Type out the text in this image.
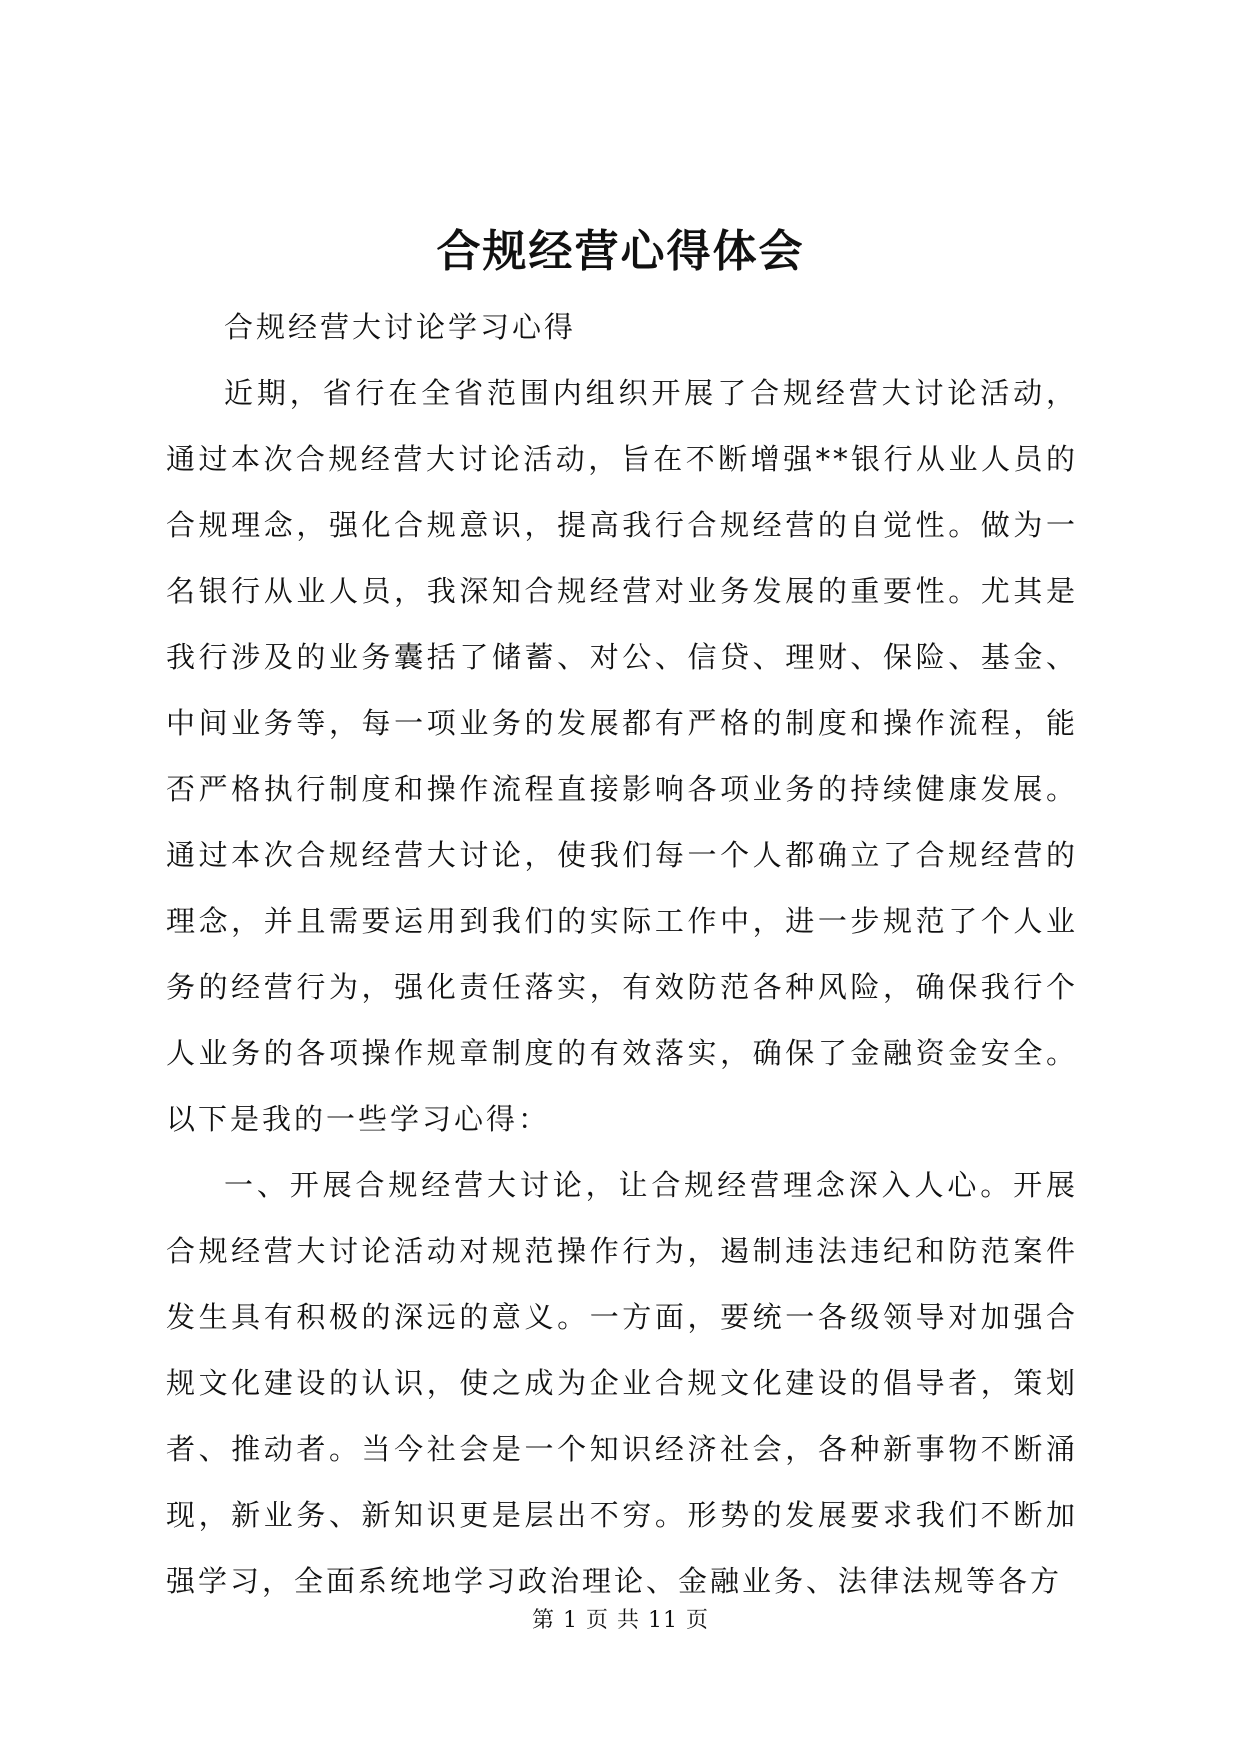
合规经营心得体会

合规经营大讨论学习心得

近期，省行在全省范围内组织开展了合规经营大讨论活动，通过本次合规经营大讨论活动，旨在不断增强**银行从业人员的合规理念，强化合规意识，提高我行合规经营的自觉性。做为一名银行从业人员，我深知合规经营对业务发展的重要性。尤其是我行涉及的业务囊括了储蓄、对公、信贷、理财、保险、基金、中间业务等，每一项业务的发展都有严格的制度和操作流程，能否严格执行制度和操作流程直接影响各项业务的持续健康发展。通过本次合规经营大讨论，使我们每一个人都确立了合规经营的理念，并且需要运用到我们的实际工作中，进一步规范了个人业务的经营行为，强化责任落实，有效防范各种风险，确保我行个人业务的各项操作规章制度的有效落实，确保了金融资金安全。以下是我的一些学习心得：

一、开展合规经营大讨论，让合规经营理念深入人心。开展合规经营大讨论活动对规范操作行为，遏制违法违纪和防范案件发生具有积极的深远的意义。一方面，要统一各级领导对加强合规文化建设的认识，使之成为企业合规文化建设的倡导者，策划者、推动者。当今社会是一个知识经济社会，各种新事物不断涌现，新业务、新知识更是层出不穷。形势的发展要求我们不断加强学习，全面系统地学习政治理论、金融业务、法律法规等各方

第 1 页 共 11 页
